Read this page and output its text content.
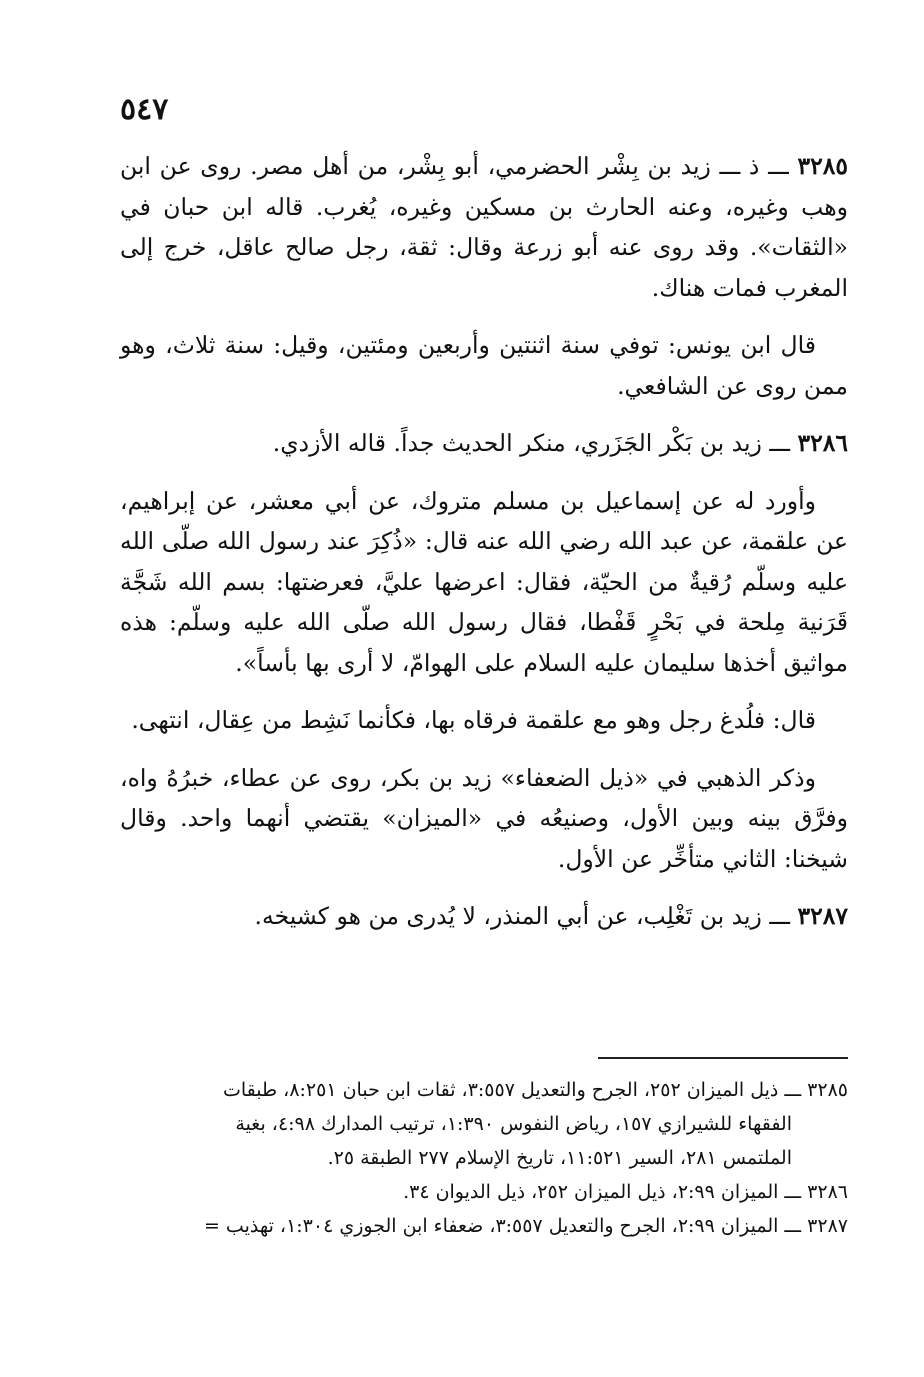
٥٤٧

٣٢٨٥ ـــ ذ ـــ زيد بن بِشْر الحضرمي، أبو بِشْر، من أهل مصر. روى عن ابن وهب وغيره، وعنه الحارث بن مسكين وغيره، يُغرب. قاله ابن حبان في «الثقات». وقد روى عنه أبو زرعة وقال: ثقة، رجل صالح عاقل، خرج إلى المغرب فمات هناك.

قال ابن يونس: توفي سنة اثنتين وأربعين ومئتين، وقيل: سنة ثلاث، وهو ممن روى عن الشافعي.

٣٢٨٦ ـــ زيد بن بَكْر الجَزَري، منكر الحديث جداً. قاله الأزدي.

وأورد له عن إسماعيل بن مسلم متروك، عن أبي معشر، عن إبراهيم، عن علقمة، عن عبد الله رضي الله عنه قال: «ذُكِرَ عند رسول الله صلّى الله عليه وسلّم رُقيةٌ من الحيّة، فقال: اعرضها عليَّ، فعرضتها: بسم الله شَجَّة قَرَنية مِلحة في بَحْرٍ قَفْطا، فقال رسول الله صلّى الله عليه وسلّم: هذه مواثيق أخذها سليمان عليه السلام على الهوامّ، لا أرى بها بأساً».

قال: فلُدغ رجل وهو مع علقمة فرقاه بها، فكأنما نَشِط من عِقال، انتهى.

وذكر الذهبي في «ذيل الضعفاء» زيد بن بكر، روى عن عطاء، خبرُهُ واه، وفرَّق بينه وبين الأول، وصنيعُه في «الميزان» يقتضي أنهما واحد. وقال شيخنا: الثاني متأخِّر عن الأول.

٣٢٨٧ ـــ زيد بن تَغْلِب، عن أبي المنذر، لا يُدرى من هو كشيخه.

٣٢٨٥ ـــ ذيل الميزان ٢٥٢، الجرح والتعديل ٣:٥٥٧، ثقات ابن حبان ٨:٢٥١، طبقات

الفقهاء للشيرازي ١٥٧، رياض النفوس ١:٣٩٠، ترتيب المدارك ٤:٩٨، بغية

الملتمس ٢٨١، السير ١١:٥٢١، تاريخ الإسلام ٢٧٧ الطبقة ٢٥.

٣٢٨٦ ـــ الميزان ٢:٩٩، ذيل الميزان ٢٥٢، ذيل الديوان ٣٤.

٣٢٨٧ ـــ الميزان ٢:٩٩، الجرح والتعديل ٣:٥٥٧، ضعفاء ابن الجوزي ١:٣٠٤، تهذيب =
